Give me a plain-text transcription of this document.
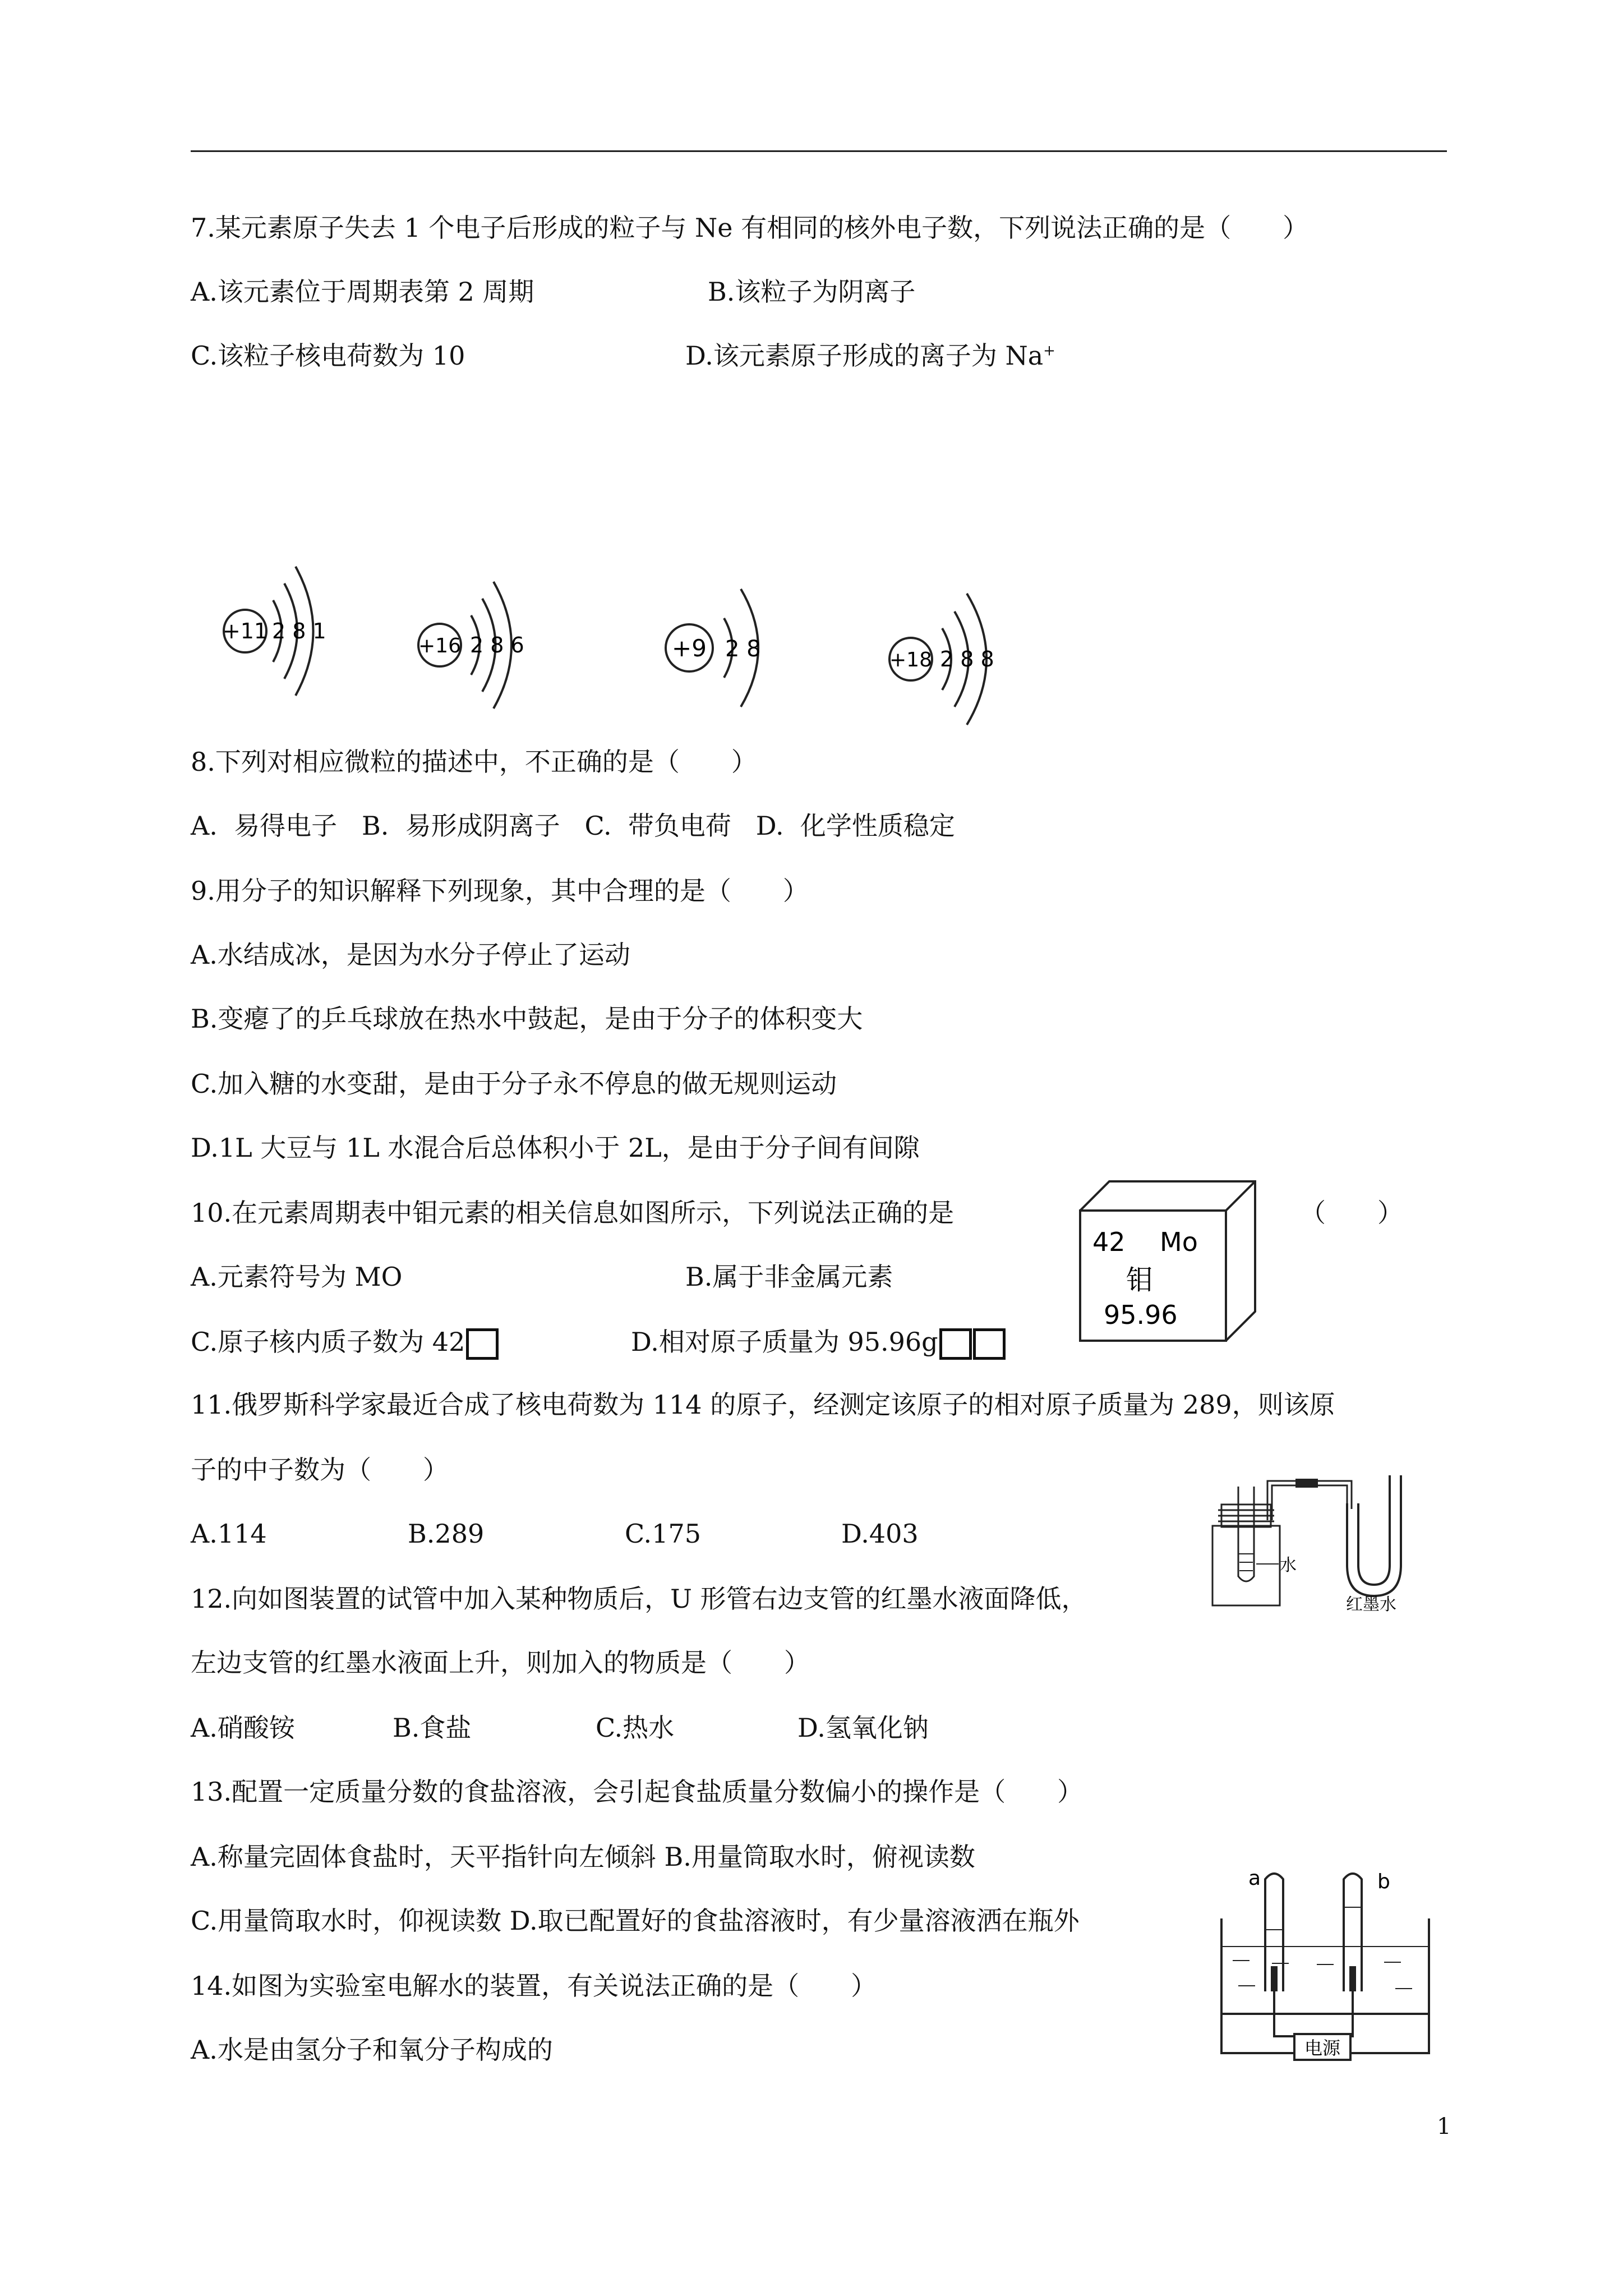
7.某元素原子失去 1 个电子后形成的粒子与 Ne 有相同的核外电子数，下列说法正确的是（　　）
A.该元素位于周期表第 2 周期	B.该粒子为阴离子
C.该粒子核电荷数为 10	D.该元素原子形成的离子为 Na+
+11 2 8 1
+16 2 8 6	+9 2 8	+18 2 8 8
8.下列对相应微粒的描述中，不正确的是（　　）
A.  易得电子   B.  易形成阴离子   C.  带负电荷   D.  化学性质稳定
9.用分子的知识解释下列现象，其中合理的是（　　）
A.水结成冰，是因为水分子停止了运动
B.变瘪了的乒乓球放在热水中鼓起，是由于分子的体积变大
C.加入糖的水变甜，是由于分子永不停息的做无规则运动
D.1L 大豆与 1L 水混合后总体积小于 2L，是由于分子间有间隙
10.在元素周期表中钼元素的相关信息如图所示，下列说法正确的是	（　　）
A.元素符号为 MO	B.属于非金属元素
C.原子核内质子数为 42	D.相对原子质量为 95.96g
42 Mo
钼
95.96
11.俄罗斯科学家最近合成了核电荷数为 114 的原子，经测定该原子的相对原子质量为 289，则该原
子的中子数为（　　）
A.114	B.289	C.175	D.403
水
红墨水
12.向如图装置的试管中加入某种物质后，U 形管右边支管的红墨水液面降低，
左边支管的红墨水液面上升，则加入的物质是（　　）
A.硝酸铵	B.食盐	C.热水	D.氢氧化钠
13.配置一定质量分数的食盐溶液，会引起食盐质量分数偏小的操作是（　　）
A.称量完固体食盐时，天平指针向左倾斜 B.用量筒取水时，俯视读数
C.用量筒取水时，仰视读数 D.取已配置好的食盐溶液时，有少量溶液洒在瓶外
电源
a	b
14.如图为实验室电解水的装置，有关说法正确的是（　　）
A.水是由氢分子和氧分子构成的
1
